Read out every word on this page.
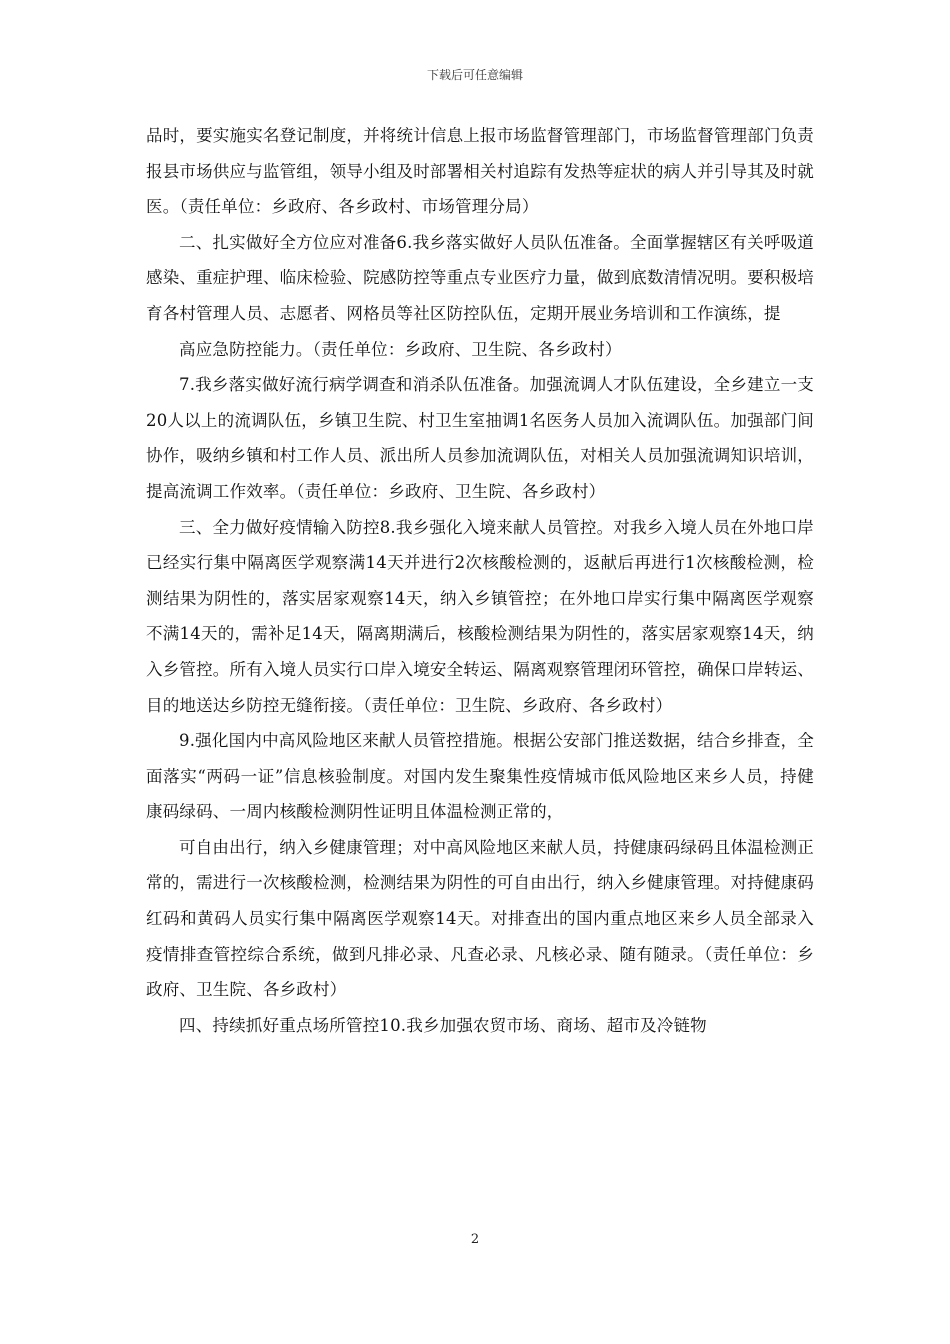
下载后可任意编辑

品时，要实施实名登记制度，并将统计信息上报市场监督管理部门，市场监督管理部门负责报县市场供应与监管组，领导小组及时部署相关村追踪有发热等症状的病人并引导其及时就医。（责任单位：乡政府、各乡政村、市场管理分局）

二、扎实做好全方位应对准备6.我乡落实做好人员队伍准备。全面掌握辖区有关呼吸道感染、重症护理、临床检验、院感防控等重点专业医疗力量，做到底数清情况明。要积极培育各村管理人员、志愿者、网格员等社区防控队伍，定期开展业务培训和工作演练，提

高应急防控能力。（责任单位：乡政府、卫生院、各乡政村）

7.我乡落实做好流行病学调查和消杀队伍准备。加强流调人才队伍建设，全乡建立一支20人以上的流调队伍，乡镇卫生院、村卫生室抽调1名医务人员加入流调队伍。加强部门间协作，吸纳乡镇和村工作人员、派出所人员参加流调队伍，对相关人员加强流调知识培训，提高流调工作效率。（责任单位：乡政府、卫生院、各乡政村）

三、全力做好疫情输入防控8.我乡强化入境来献人员管控。对我乡入境人员在外地口岸已经实行集中隔离医学观察满14天并进行2次核酸检测的，返献后再进行1次核酸检测，检测结果为阴性的，落实居家观察14天，纳入乡镇管控；在外地口岸实行集中隔离医学观察不满14天的，需补足14天，隔离期满后，核酸检测结果为阴性的，落实居家观察14天，纳入乡管控。所有入境人员实行口岸入境安全转运、隔离观察管理闭环管控，确保口岸转运、目的地送达乡防控无缝衔接。（责任单位：卫生院、乡政府、各乡政村）

9.强化国内中高风险地区来献人员管控措施。根据公安部门推送数据，结合乡排查，全面落实“两码一证”信息核验制度。对国内发生聚集性疫情城市低风险地区来乡人员，持健康码绿码、一周内核酸检测阴性证明且体温检测正常的，

可自由出行，纳入乡健康管理；对中高风险地区来献人员，持健康码绿码且体温检测正常的，需进行一次核酸检测，检测结果为阴性的可自由出行，纳入乡健康管理。对持健康码红码和黄码人员实行集中隔离医学观察14天。对排查出的国内重点地区来乡人员全部录入疫情排查管控综合系统，做到凡排必录、凡查必录、凡核必录、随有随录。（责任单位：乡政府、卫生院、各乡政村）

四、持续抓好重点场所管控10.我乡加强农贸市场、商场、超市及冷链物

2
